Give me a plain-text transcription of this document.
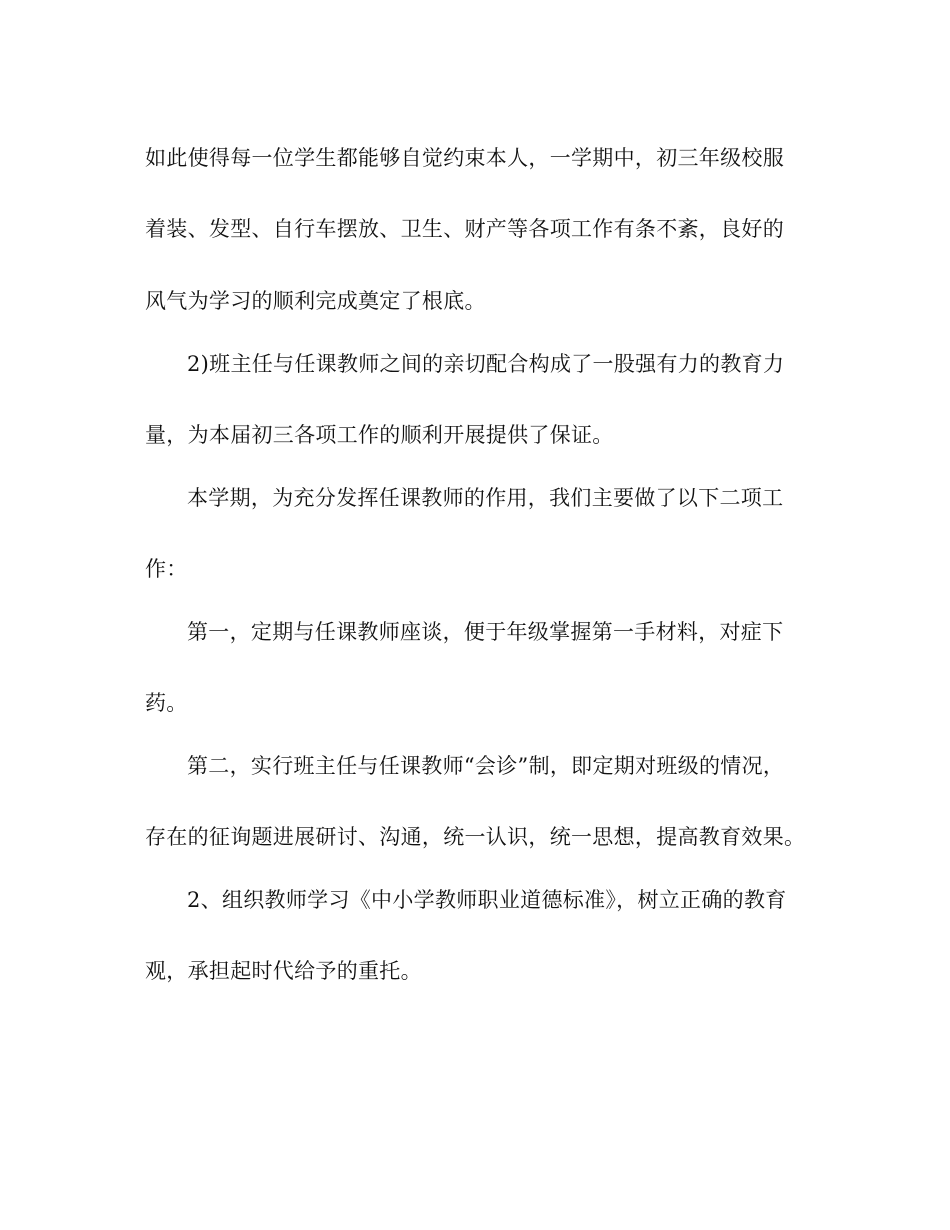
如此使得每一位学生都能够自觉约束本人，一学期中，初三年级校服
着装、发型、自行车摆放、卫生、财产等各项工作有条不紊，良好的
风气为学习的顺利完成奠定了根底。
2)班主任与任课教师之间的亲切配合构成了一股强有力的教育力
量，为本届初三各项工作的顺利开展提供了保证。
本学期，为充分发挥任课教师的作用，我们主要做了以下二项工
作：
第一，定期与任课教师座谈，便于年级掌握第一手材料，对症下
药。
第二，实行班主任与任课教师“会诊”制，即定期对班级的情况，
存在的征询题进展研讨、沟通，统一认识，统一思想，提高教育效果。
2、组织教师学习《中小学教师职业道德标准》，树立正确的教育
观，承担起时代给予的重托。
